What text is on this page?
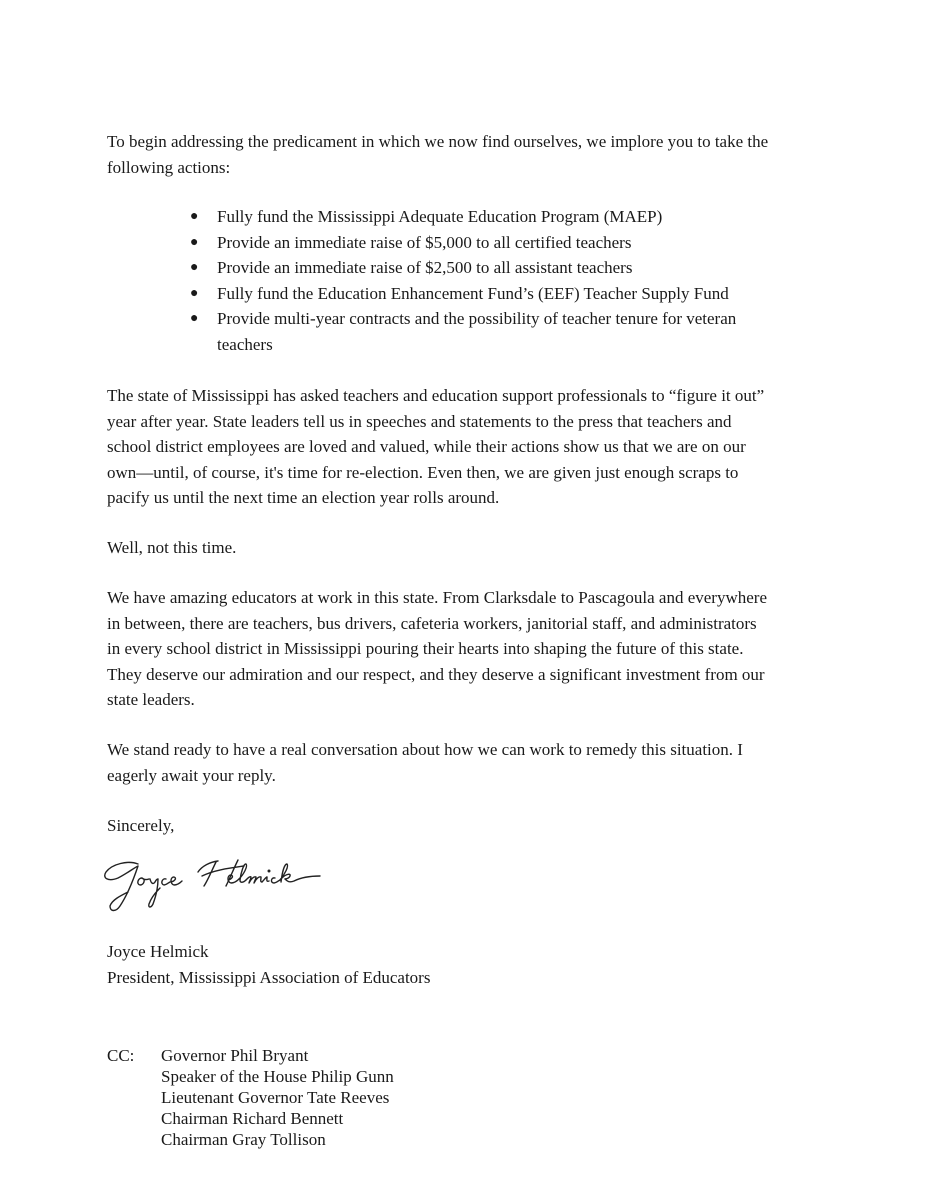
To begin addressing the predicament in which we now find ourselves, we implore you to take the
following actions:

● Fully fund the Mississippi Adequate Education Program (MAEP)
● Provide an immediate raise of $5,000 to all certified teachers
● Provide an immediate raise of $2,500 to all assistant teachers
● Fully fund the Education Enhancement Fund’s (EEF) Teacher Supply Fund
● Provide multi-year contracts and the possibility of teacher tenure for veteran
teachers

The state of Mississippi has asked teachers and education support professionals to “figure it out”
year after year. State leaders tell us in speeches and statements to the press that teachers and
school district employees are loved and valued, while their actions show us that we are on our
own—until, of course, it's time for re-election. Even then, we are given just enough scraps to
pacify us until the next time an election year rolls around.

Well, not this time.

We have amazing educators at work in this state. From Clarksdale to Pascagoula and everywhere
in between, there are teachers, bus drivers, cafeteria workers, janitorial staff, and administrators
in every school district in Mississippi pouring their hearts into shaping the future of this state.
They deserve our admiration and our respect, and they deserve a significant investment from our
state leaders.

We stand ready to have a real conversation about how we can work to remedy this situation. I
eagerly await your reply.

Sincerely,

Joyce Helmick
President, Mississippi Association of Educators

CC: Governor Phil Bryant
Speaker of the House Philip Gunn
Lieutenant Governor Tate Reeves
Chairman Richard Bennett
Chairman Gray Tollison
